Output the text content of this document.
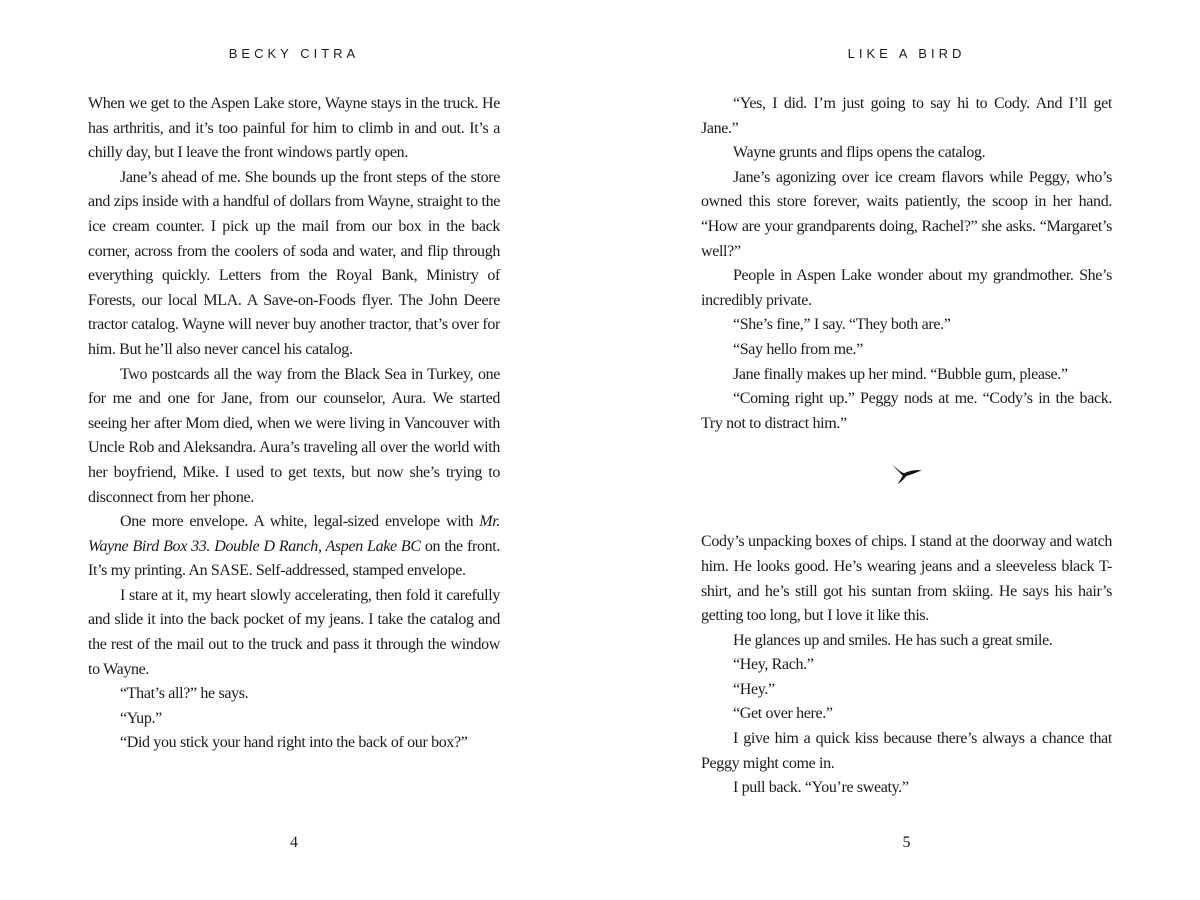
BECKY CITRA

When we get to the Aspen Lake store, Wayne stays in the truck. He has arthritis, and it’s too painful for him to climb in and out. It’s a chilly day, but I leave the front windows partly open.

Jane’s ahead of me. She bounds up the front steps of the store and zips inside with a handful of dollars from Wayne, straight to the ice cream counter. I pick up the mail from our box in the back corner, across from the coolers of soda and water, and flip through everything quickly. Letters from the Royal Bank, Ministry of Forests, our local MLA. A Save-on-Foods flyer. The John Deere tractor catalog. Wayne will never buy another tractor, that’s over for him. But he’ll also never cancel his catalog.

Two postcards all the way from the Black Sea in Turkey, one for me and one for Jane, from our counselor, Aura. We started seeing her after Mom died, when we were living in Vancouver with Uncle Rob and Aleksandra. Aura’s traveling all over the world with her boyfriend, Mike. I used to get texts, but now she’s trying to disconnect from her phone.

One more envelope. A white, legal-sized envelope with Mr. Wayne Bird Box 33. Double D Ranch, Aspen Lake BC on the front. It’s my printing. An SASE. Self-addressed, stamped envelope.

I stare at it, my heart slowly accelerating, then fold it carefully and slide it into the back pocket of my jeans. I take the catalog and the rest of the mail out to the truck and pass it through the window to Wayne.

“That’s all?” he says.

“Yup.”

“Did you stick your hand right into the back of our box?”

4
LIKE A BIRD

“Yes, I did. I’m just going to say hi to Cody. And I’ll get Jane.”

Wayne grunts and flips opens the catalog.

Jane’s agonizing over ice cream flavors while Peggy, who’s owned this store forever, waits patiently, the scoop in her hand. “How are your grandparents doing, Rachel?” she asks. “Margaret’s well?”

People in Aspen Lake wonder about my grandmother. She’s incredibly private.

“She’s fine,” I say. “They both are.”

“Say hello from me.”

Jane finally makes up her mind. “Bubble gum, please.”

“Coming right up.” Peggy nods at me. “Cody’s in the back. Try not to distract him.”

Cody’s unpacking boxes of chips. I stand at the doorway and watch him. He looks good. He’s wearing jeans and a sleeveless black T-shirt, and he’s still got his suntan from skiing. He says his hair’s getting too long, but I love it like this.

He glances up and smiles. He has such a great smile.

“Hey, Rach.”

“Hey.”

“Get over here.”

I give him a quick kiss because there’s always a chance that Peggy might come in.

I pull back. “You’re sweaty.”

5
